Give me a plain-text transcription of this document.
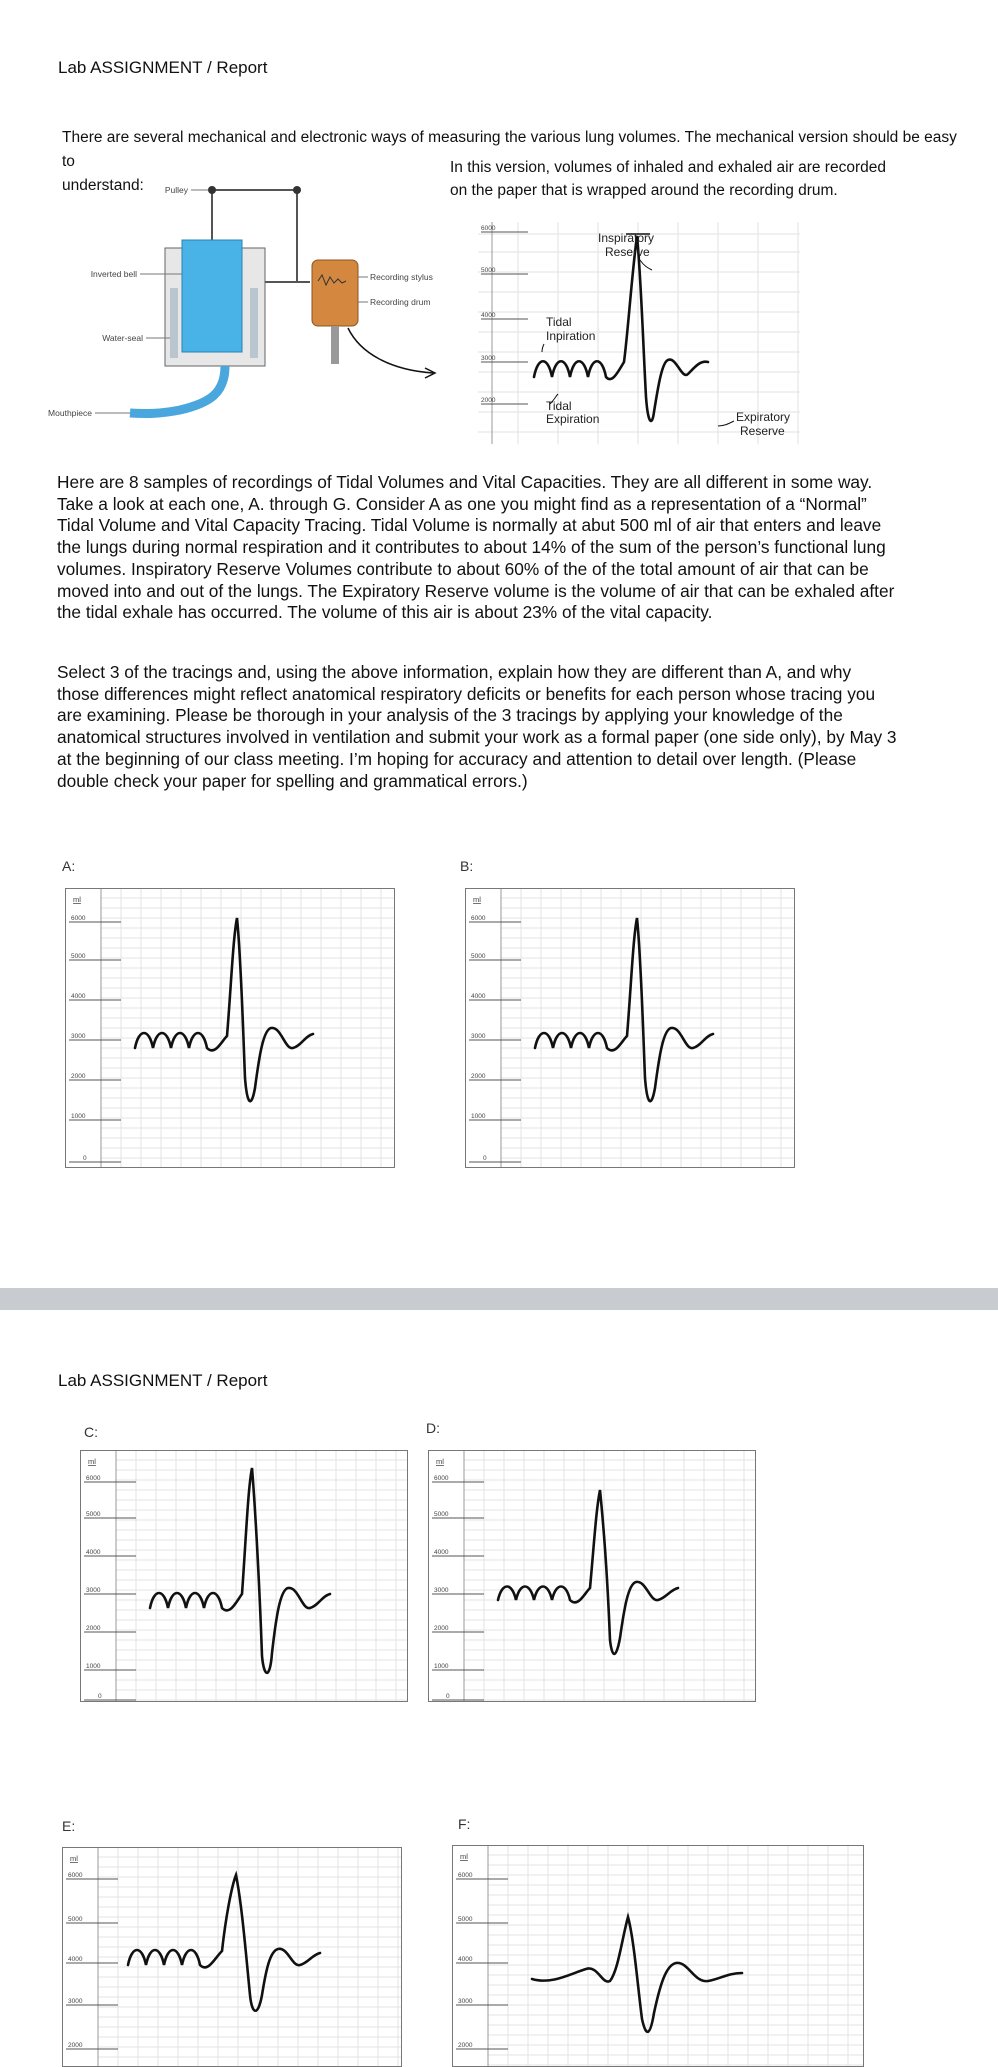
Lab ASSIGNMENT / Report
There are several mechanical and electronic ways of measuring the various lung volumes. The mechanical version should be easy to
understand:	Pulley
Inverted bell
Water-seal
Mouthpiece
Recording stylus
Recording drum
In this version, volumes of inhaled and exhaled air are recorded
on the paper that is wrapped around the recording drum.
6000
5000
4000
3000
2000
Inspiratory
Reserve
Tidal
Inpiration
Tidal
Expiration	Expiratory
Reserve
Here are 8 samples of recordings of Tidal Volumes and Vital Capacities. They are all different in some way.
Take a look at each one, A. through G. Consider A as one you might find as a representation of a “Normal”
Tidal Volume and Vital Capacity Tracing. Tidal Volume is normally at abut 500 ml of air that enters and leave
the lungs during normal respiration and it contributes to about 14% of the sum of the person’s functional lung
volumes. Inspiratory Reserve Volumes contribute to about 60% of the of the total amount of air that can be
moved into and out of the lungs. The Expiratory Reserve volume is the volume of air that can be exhaled after
the tidal exhale has occurred. The volume of this air is about 23% of the vital capacity.
Select 3 of the tracings and, using the above information, explain how they are different than A, and why
those differences might reflect anatomical respiratory deficits or benefits for each person whose tracing you
are examining. Please be thorough in your analysis of the 3 tracings by applying your knowledge of the
anatomical structures involved in ventilation and submit your work as a formal paper (one side only), by May 3
at the beginning of our class meeting. I’m hoping for accuracy and attention to detail over length. (Please
double check your paper for spelling and grammatical errors.)
A:	B:
Lab ASSIGNMENT / Report
C:	D:
E:	F:
ml
6000
5000
4000
3000
2000
1000
0
ml
6000
5000
4000
3000
2000
1000
0
ml
6000
5000
4000
3000
2000
1000
0
ml
6000
5000
4000
3000
2000
1000
0
ml
6000
5000
4000
3000
2000
ml
6000
5000
4000
3000
2000
